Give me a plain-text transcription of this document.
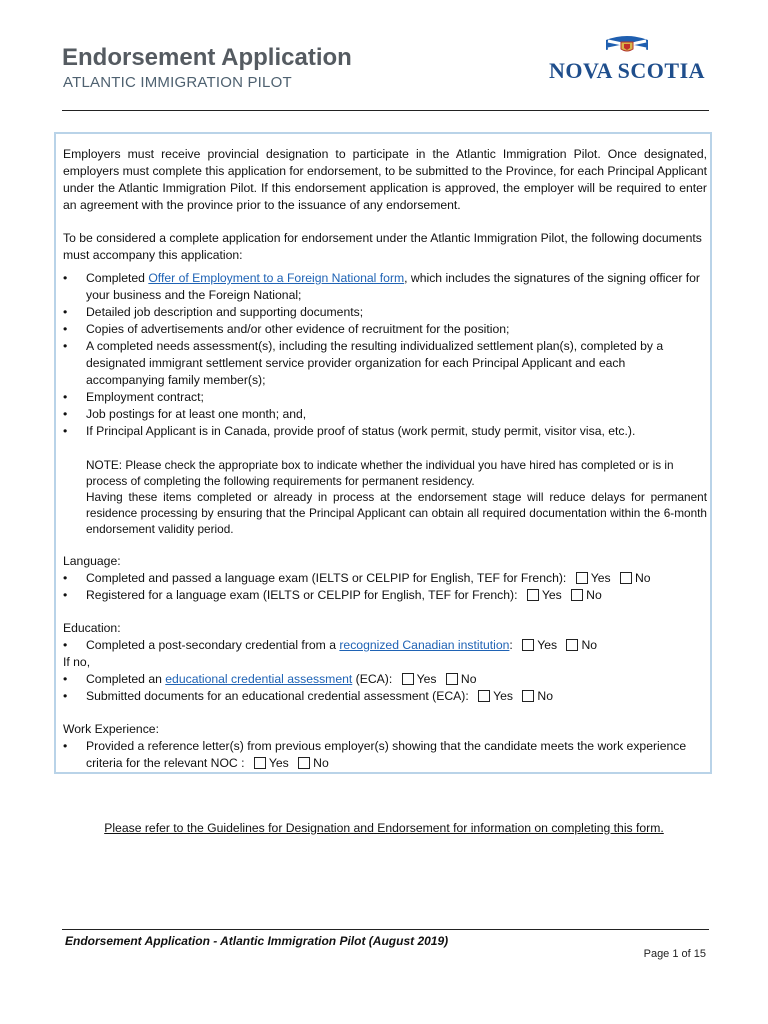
Endorsement Application
ATLANTIC IMMIGRATION PILOT	NOVA SCOTIA

Employers must receive provincial designation to participate in the Atlantic Immigration Pilot. Once designated, employers must complete this application for endorsement, to be submitted to the Province, for each Principal Applicant under the Atlantic Immigration Pilot. If this endorsement application is approved, the employer will be required to enter an agreement with the province prior to the issuance of any endorsement.

To be considered a complete application for endorsement under the Atlantic Immigration Pilot, the following documents must accompany this application:

• Completed Offer of Employment to a Foreign National form, which includes the signatures of the signing officer for your business and the Foreign National;
• Detailed job description and supporting documents;
• Copies of advertisements and/or other evidence of recruitment for the position;
• A completed needs assessment(s), including the resulting individualized settlement plan(s), completed by a designated immigrant settlement service provider organization for each Principal Applicant and each accompanying family member(s);
• Employment contract;
• Job postings for at least one month; and,
• If Principal Applicant is in Canada, provide proof of status (work permit, study permit, visitor visa, etc.).

NOTE: Please check the appropriate box to indicate whether the individual you have hired has completed or is in process of completing the following requirements for permanent residency.

Having these items completed or already in process at the endorsement stage will reduce delays for permanent residence processing by ensuring that the Principal Applicant can obtain all required documentation within the 6-month endorsement validity period.

Language:

• Completed and passed a language exam (IELTS or CELPIP for English, TEF for French): Yes No
• Registered for a language exam (IELTS or CELPIP for English, TEF for French): Yes No

Education:

• Completed a post-secondary credential from a recognized Canadian institution: Yes No

If no,

• Completed an educational credential assessment (ECA): Yes No
• Submitted documents for an educational credential assessment (ECA): Yes No

Work Experience:

• Provided a reference letter(s) from previous employer(s) showing that the candidate meets the work experience criteria for the relevant NOC : Yes No
Please refer to the Guidelines for Designation and Endorsement for information on completing this form.
Endorsement Application - Atlantic Immigration Pilot (August 2019)
Page 1 of 15
